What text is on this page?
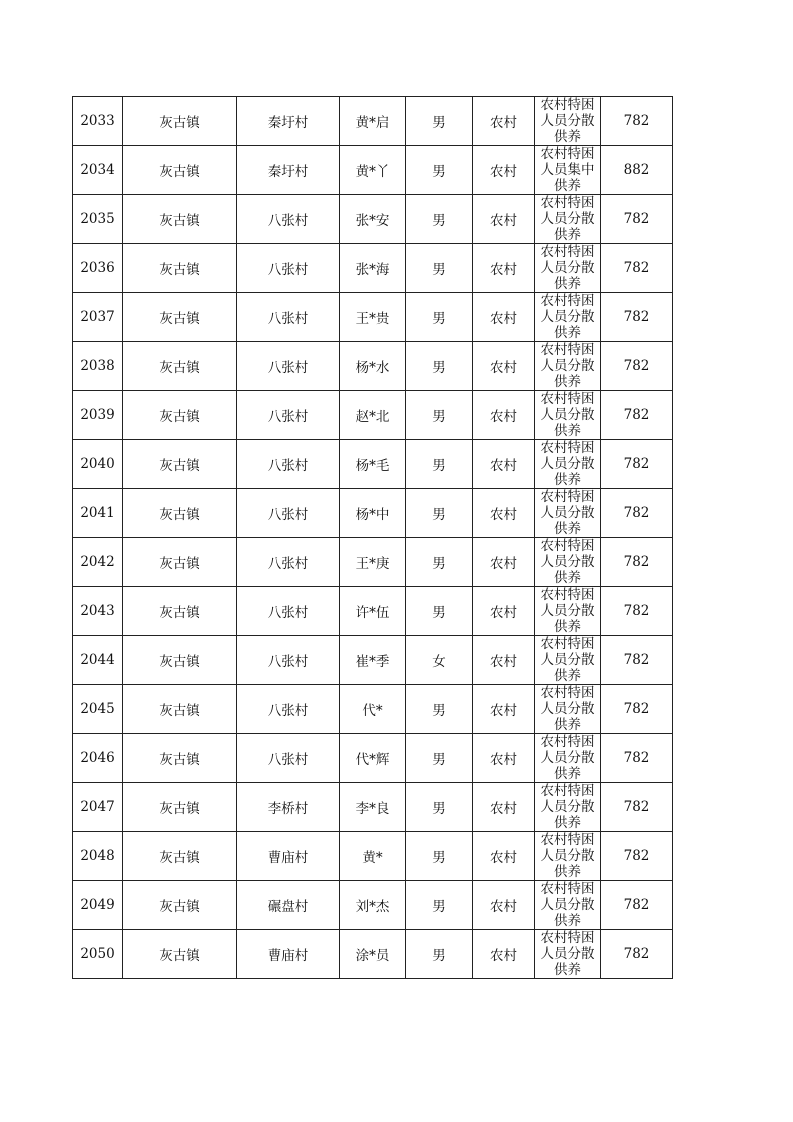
2033	灰古镇	秦圩村	黄*启	男	农村	农村特困人员分散供养	782
2034	灰古镇	秦圩村	黄*丫	男	农村	农村特困人员集中供养	882
2035	灰古镇	八张村	张*安	男	农村	农村特困人员分散供养	782
2036	灰古镇	八张村	张*海	男	农村	农村特困人员分散供养	782
2037	灰古镇	八张村	王*贵	男	农村	农村特困人员分散供养	782
2038	灰古镇	八张村	杨*水	男	农村	农村特困人员分散供养	782
2039	灰古镇	八张村	赵*北	男	农村	农村特困人员分散供养	782
2040	灰古镇	八张村	杨*毛	男	农村	农村特困人员分散供养	782
2041	灰古镇	八张村	杨*中	男	农村	农村特困人员分散供养	782
2042	灰古镇	八张村	王*庚	男	农村	农村特困人员分散供养	782
2043	灰古镇	八张村	许*伍	男	农村	农村特困人员分散供养	782
2044	灰古镇	八张村	崔*季	女	农村	农村特困人员分散供养	782
2045	灰古镇	八张村	代*	男	农村	农村特困人员分散供养	782
2046	灰古镇	八张村	代*辉	男	农村	农村特困人员分散供养	782
2047	灰古镇	李桥村	李*良	男	农村	农村特困人员分散供养	782
2048	灰古镇	曹庙村	黄*	男	农村	农村特困人员分散供养	782
2049	灰古镇	碾盘村	刘*杰	男	农村	农村特困人员分散供养	782
2050	灰古镇	曹庙村	涂*员	男	农村	农村特困人员分散供养	782
